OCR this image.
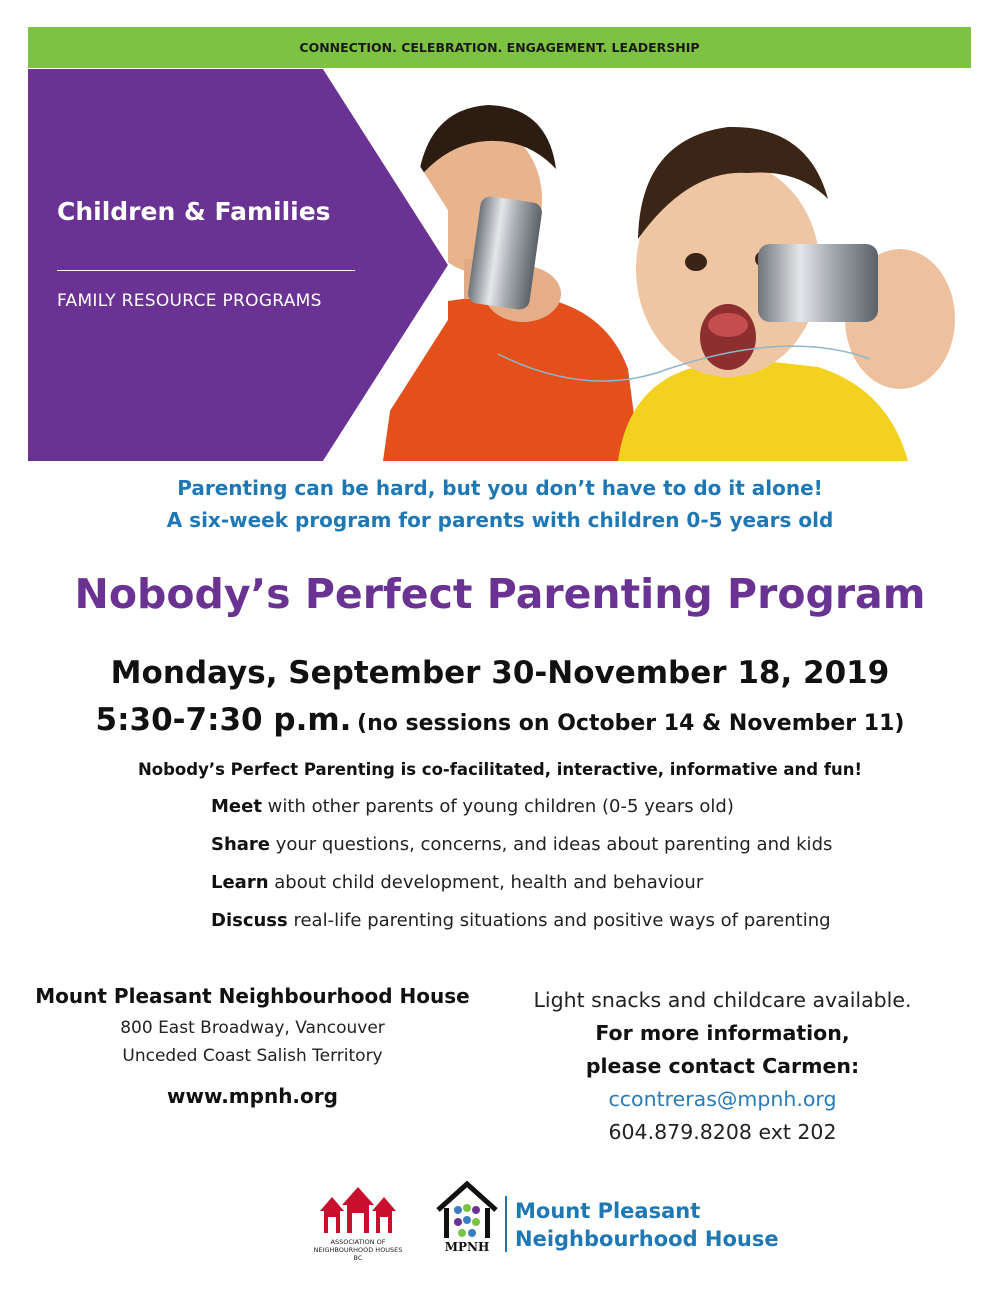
CONNECTION. CELEBRATION. ENGAGEMENT. LEADERSHIP
Children & Families
FAMILY RESOURCE PROGRAMS
Parenting can be hard, but you don’t have to do it alone!
A six-week program for parents with children 0-5 years old
Nobody’s Perfect Parenting Program
Mondays, September 30-November 18, 2019
5:30-7:30 p.m. (no sessions on October 14 & November 11)
Nobody’s Perfect Parenting is co-facilitated, interactive, informative and fun!
Meet with other parents of young children (0-5 years old)
Share your questions, concerns, and ideas about parenting and kids
Learn about child development, health and behaviour
Discuss real-life parenting situations and positive ways of parenting
Mount Pleasant Neighbourhood House
800 East Broadway, Vancouver
Unceded Coast Salish Territory
www.mpnh.org
Light snacks and childcare available.
For more information,
please contact Carmen:
ccontreras@mpnh.org
604.879.8208 ext 202
ASSOCIATION OF NEIGHBOURHOOD HOUSES BC
MPNH
Mount Pleasant
Neighbourhood House
